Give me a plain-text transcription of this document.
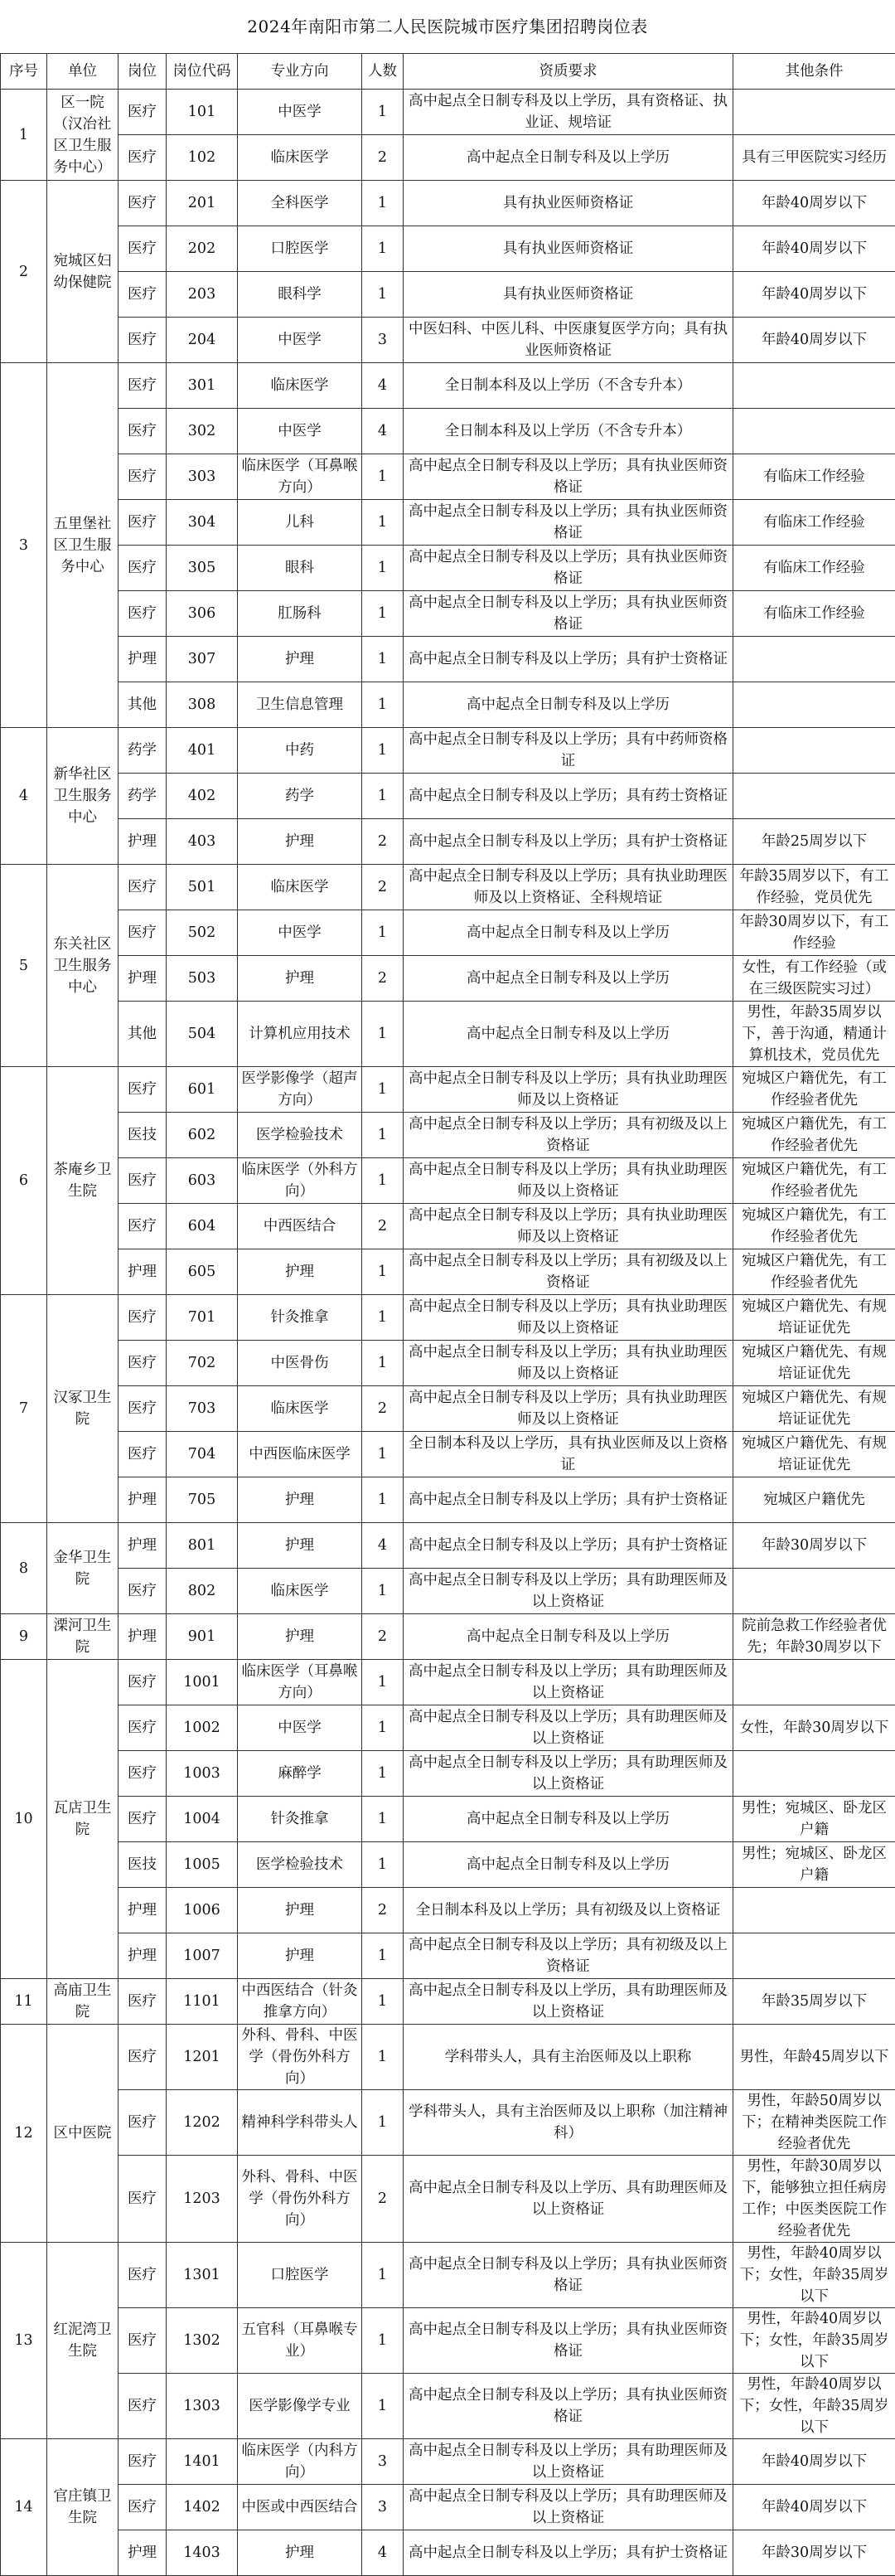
2024年南阳市第二人民医院城市医疗集团招聘岗位表
序号	单位	岗位	岗位代码	专业方向	人数	资质要求	其他条件
1	区一院（汉冶社区卫生服务中心）	医疗	101	中医学	1	高中起点全日制专科及以上学历，具有资格证、执业证、规培证	
		医疗	102	临床医学	2	高中起点全日制专科及以上学历	具有三甲医院实习经历
2	宛城区妇幼保健院	医疗	201	全科医学	1	具有执业医师资格证	年龄40周岁以下
		医疗	202	口腔医学	1	具有执业医师资格证	年龄40周岁以下
		医疗	203	眼科学	1	具有执业医师资格证	年龄40周岁以下
		医疗	204	中医学	3	中医妇科、中医儿科、中医康复医学方向；具有执业医师资格证	年龄40周岁以下
3	五里堡社区卫生服务中心	医疗	301	临床医学	4	全日制本科及以上学历（不含专升本）	
		医疗	302	中医学	4	全日制本科及以上学历（不含专升本）	
		医疗	303	临床医学（耳鼻喉方向）	1	高中起点全日制专科及以上学历；具有执业医师资格证	有临床工作经验
		医疗	304	儿科	1	高中起点全日制专科及以上学历；具有执业医师资格证	有临床工作经验
		医疗	305	眼科	1	高中起点全日制专科及以上学历；具有执业医师资格证	有临床工作经验
		医疗	306	肛肠科	1	高中起点全日制专科及以上学历；具有执业医师资格证	有临床工作经验
		护理	307	护理	1	高中起点全日制专科及以上学历；具有护士资格证	
		其他	308	卫生信息管理	1	高中起点全日制专科及以上学历	
4	新华社区卫生服务中心	药学	401	中药	1	高中起点全日制专科及以上学历；具有中药师资格证	
		药学	402	药学	1	高中起点全日制专科及以上学历；具有药士资格证	
		护理	403	护理	2	高中起点全日制专科及以上学历；具有护士资格证	年龄25周岁以下
5	东关社区卫生服务中心	医疗	501	临床医学	2	高中起点全日制专科及以上学历；具有执业助理医师及以上资格证、全科规培证	年龄35周岁以下，有工作经验，党员优先
		医疗	502	中医学	1	高中起点全日制专科及以上学历	年龄30周岁以下，有工作经验
		护理	503	护理	2	高中起点全日制专科及以上学历	女性，有工作经验（或在三级医院实习过）
		其他	504	计算机应用技术	1	高中起点全日制专科及以上学历	男性，年龄35周岁以下，善于沟通，精通计算机技术，党员优先
6	茶庵乡卫生院	医疗	601	医学影像学（超声方向）	1	高中起点全日制专科及以上学历；具有执业助理医师及以上资格证	宛城区户籍优先，有工作经验者优先
		医技	602	医学检验技术	1	高中起点全日制专科及以上学历；具有初级及以上资格证	宛城区户籍优先，有工作经验者优先
		医疗	603	临床医学（外科方向）	1	高中起点全日制专科及以上学历；具有执业助理医师及以上资格证	宛城区户籍优先，有工作经验者优先
		医疗	604	中西医结合	2	高中起点全日制专科及以上学历；具有执业助理医师及以上资格证	宛城区户籍优先，有工作经验者优先
		护理	605	护理	1	高中起点全日制专科及以上学历；具有初级及以上资格证	宛城区户籍优先，有工作经验者优先
7	汉冢卫生院	医疗	701	针灸推拿	1	高中起点全日制专科及以上学历；具有执业助理医师及以上资格证	宛城区户籍优先、有规培证证优先
		医疗	702	中医骨伤	1	高中起点全日制专科及以上学历；具有执业助理医师及以上资格证	宛城区户籍优先、有规培证证优先
		医疗	703	临床医学	2	高中起点全日制专科及以上学历；具有执业助理医师及以上资格证	宛城区户籍优先、有规培证证优先
		医疗	704	中西医临床医学	1	全日制本科及以上学历，具有执业医师及以上资格证	宛城区户籍优先、有规培证证优先
		护理	705	护理	1	高中起点全日制专科及以上学历；具有护士资格证	宛城区户籍优先
8	金华卫生院	护理	801	护理	4	高中起点全日制专科及以上学历；具有护士资格证	年龄30周岁以下
		医疗	802	临床医学	1	高中起点全日制专科及以上学历；具有助理医师及以上资格证	
9	溧河卫生院	护理	901	护理	2	高中起点全日制专科及以上学历	院前急救工作经验者优先；年龄30周岁以下
10	瓦店卫生院	医疗	1001	临床医学（耳鼻喉方向）	1	高中起点全日制专科及以上学历；具有助理医师及以上资格证	
		医疗	1002	中医学	1	高中起点全日制专科及以上学历；具有助理医师及以上资格证	女性，年龄30周岁以下
		医疗	1003	麻醉学	1	高中起点全日制专科及以上学历；具有助理医师及以上资格证	
		医疗	1004	针灸推拿	1	高中起点全日制专科及以上学历	男性；宛城区、卧龙区户籍
		医技	1005	医学检验技术	1	高中起点全日制专科及以上学历	男性；宛城区、卧龙区户籍
		护理	1006	护理	2	全日制本科及以上学历；具有初级及以上资格证	
		护理	1007	护理	1	高中起点全日制专科及以上学历；具有初级及以上资格证	
11	高庙卫生院	医疗	1101	中西医结合（针灸推拿方向）	1	高中起点全日制专科及以上学历，具有助理医师及以上资格证	年龄35周岁以下
12	区中医院	医疗	1201	外科、骨科、中医学（骨伤外科方向）	1	学科带头人，具有主治医师及以上职称	男性，年龄45周岁以下
		医疗	1202	精神科学科带头人	1	学科带头人，具有主治医师及以上职称（加注精神科）	男性，年龄50周岁以下；在精神类医院工作经验者优先
		医疗	1203	外科、骨科、中医学（骨伤外科方向）	2	高中起点全日制专科及以上学历、具有助理医师及以上资格证	男性，年龄30周岁以下，能够独立担任病房工作；中医类医院工作经验者优先
13	红泥湾卫生院	医疗	1301	口腔医学	1	高中起点全日制专科及以上学历；具有执业医师资格证	男性，年龄40周岁以下；女性，年龄35周岁以下
		医疗	1302	五官科（耳鼻喉专业）	1	高中起点全日制专科及以上学历；具有执业医师资格证	男性，年龄40周岁以下；女性，年龄35周岁以下
		医疗	1303	医学影像学专业	1	高中起点全日制专科及以上学历；具有执业医师资格证	男性，年龄40周岁以下；女性，年龄35周岁以下
14	官庄镇卫生院	医疗	1401	临床医学（内科方向）	3	高中起点全日制专科及以上学历；具有助理医师及以上资格证	年龄40周岁以下
		医疗	1402	中医或中西医结合	3	高中起点全日制专科及以上学历；具有助理医师及以上资格证	年龄40周岁以下
		护理	1403	护理	4	高中起点全日制专科及以上学历；具有护士资格证	年龄30周岁以下
